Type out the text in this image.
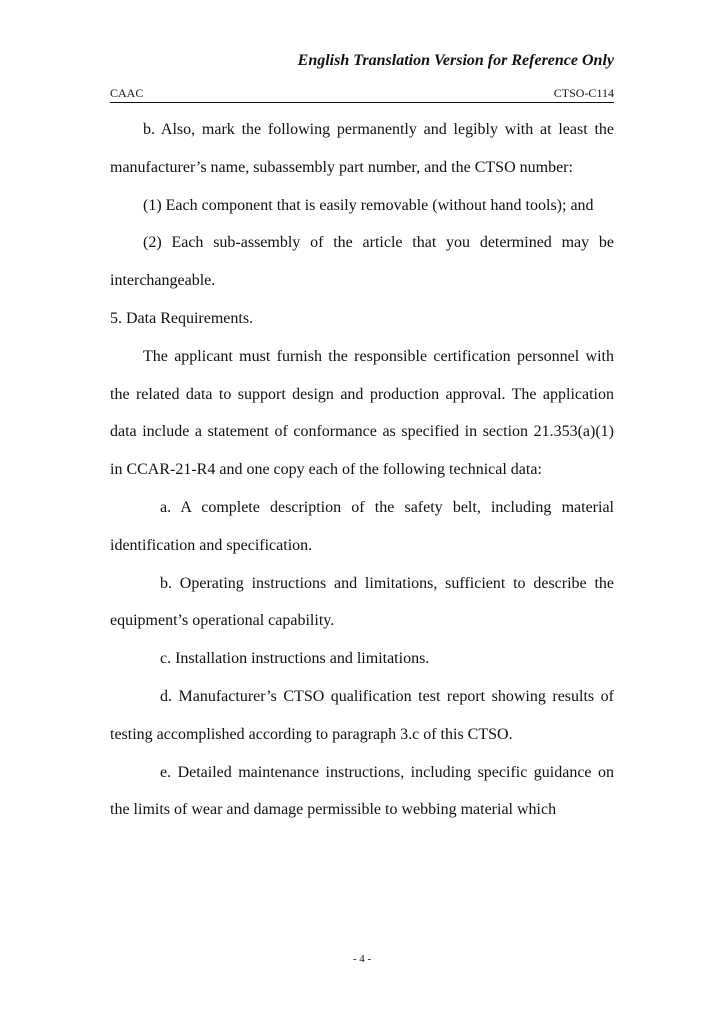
English Translation Version for Reference Only
CAAC	CTSO-C114

b. Also, mark the following permanently and legibly with at least the manufacturer’s name, subassembly part number, and the CTSO number:

(1) Each component that is easily removable (without hand tools); and

(2) Each sub-assembly of the article that you determined may be interchangeable.

5. Data Requirements.

The applicant must furnish the responsible certification personnel with the related data to support design and production approval. The application data include a statement of conformance as specified in section 21.353(a)(1) in CCAR-21-R4 and one copy each of the following technical data:

a. A complete description of the safety belt, including material identification and specification.

b. Operating instructions and limitations, sufficient to describe the equipment’s operational capability.

c. Installation instructions and limitations.

d. Manufacturer’s CTSO qualification test report showing results of testing accomplished according to paragraph 3.c of this CTSO.

e. Detailed maintenance instructions, including specific guidance on the limits of wear and damage permissible to webbing material which

- 4 -
